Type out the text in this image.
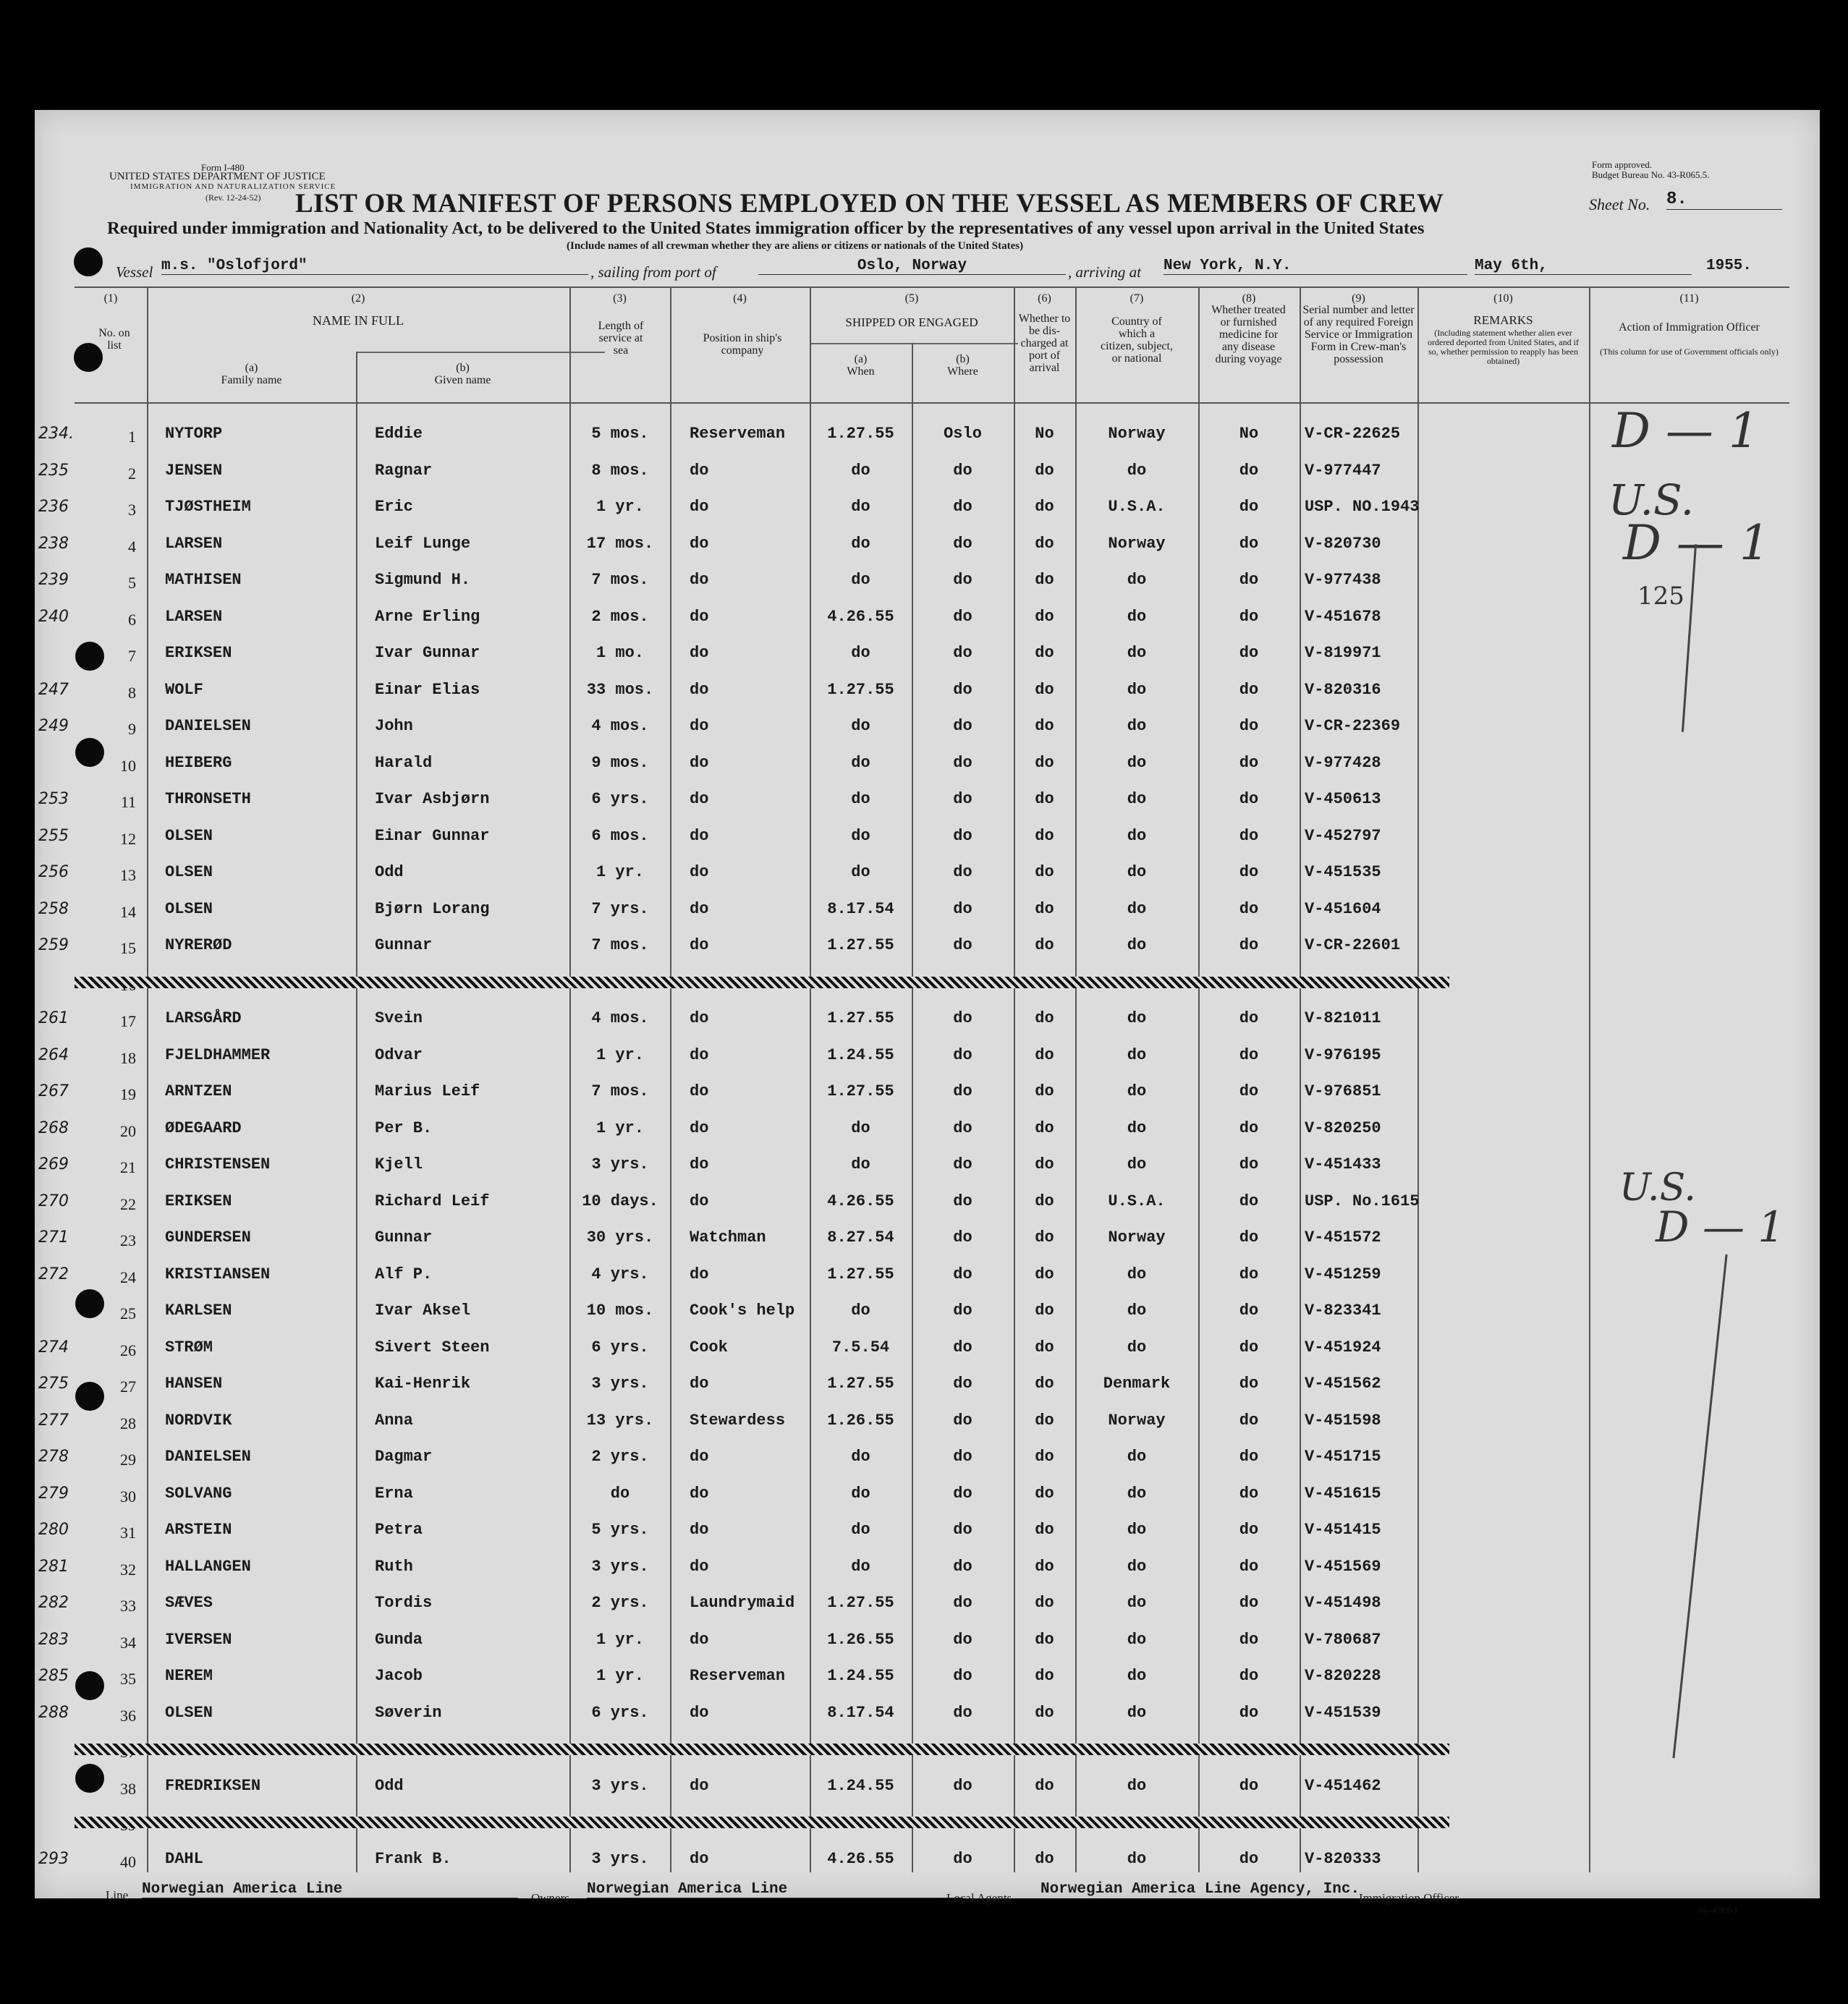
Form I-480
UNITED STATES DEPARTMENT OF JUSTICE
IMMIGRATION AND NATURALIZATION SERVICE
(Rev. 12-24-52)
Form approved.
Budget Bureau No. 43-R065.5.
LIST OR MANIFEST OF PERSONS EMPLOYED ON THE VESSEL AS MEMBERS OF CREW	Sheet No. 8.
Required under immigration and Nationality Act, to be delivered to the United States immigration officer by the representatives of any vessel upon arrival in the United States
(Include names of all crewman whether they are aliens or citizens or nationals of the United States)
Vessel m.s. "Oslofjord"	, sailing from port of	Oslo, Norway	, arriving at New York, N.Y.	May 6th,	1955.
(1)
No. on list
(2)
NAME IN FULL
(a)
Family name
(b)
Given name
(3)
Length of service at sea
(4)
Position in ship's company
(5)
SHIPPED OR ENGAGED
(a)
When
(b)
Where
(6)
Whether to be dis-charged at port of arrival
(7)
Country of which a citizen, subject, or national
(8)
Whether treated or furnished medicine for any disease during voyage
(9)
Serial number and letter of any required Foreign Service or Immigration Form in Crew-man's possession
(10)
REMARKS
(Including statement whether alien ever ordered deported from United States, and if so, whether permission to reapply has been obtained)
(11)
Action of Immigration Officer
(This column for use of Government officials only)
234.	1 NYTORP	Eddie	5 mos.	Reserveman	1.27.55	Oslo	No	Norway	No	V-CR-22625
235	2 JENSEN	Ragnar	8 mos.	do	do	do	do	do	do	V-977447
236	3 TJØSTHEIM	Eric	1 yr.	do	do	do	do	U.S.A.	do	USP. NO.1943
238	4 LARSEN	Leif Lunge	17 mos.	do	do	do	do	Norway	do	V-820730
239	5 MATHISEN	Sigmund H.	7 mos.	do	do	do	do	do	do	V-977438
240	6 LARSEN	Arne Erling	2 mos.	do	4.26.55	do	do	do	do	V-451678
7 ERIKSEN	Ivar Gunnar	1 mo.	do	do	do	do	do	do	V-819971
247	8 WOLF	Einar Elias	33 mos.	do	1.27.55	do	do	do	do	V-820316
249	9 DANIELSEN	John	4 mos.	do	do	do	do	do	do	V-CR-22369
10 HEIBERG	Harald	9 mos.	do	do	do	do	do	do	V-977428
253	11 THRONSETH	Ivar Asbjørn	6 yrs.	do	do	do	do	do	do	V-450613
255	12 OLSEN	Einar Gunnar	6 mos.	do	do	do	do	do	do	V-452797
256	13 OLSEN	Odd	1 yr.	do	do	do	do	do	do	V-451535
258	14 OLSEN	Bjørn Lorang	7 yrs.	do	8.17.54	do	do	do	do	V-451604
259	15 NYRERØD	Gunnar	7 mos.	do	1.27.55	do	do	do	do	V-CR-22601
261	17 LARSGÅRD	Svein	4 mos.	do	1.27.55	do	do	do	do	V-821011
264	18 FJELDHAMMER	Odvar	1 yr.	do	1.24.55	do	do	do	do	V-976195
267	19 ARNTZEN	Marius Leif	7 mos.	do	1.27.55	do	do	do	do	V-976851
268	20 ØDEGAARD	Per B.	1 yr.	do	do	do	do	do	do	V-820250
269	21 CHRISTENSEN	Kjell	3 yrs.	do	do	do	do	do	do	V-451433
270	22 ERIKSEN	Richard Leif	10 days.	do	4.26.55	do	do	U.S.A.	do	USP. No.1615
271	23 GUNDERSEN	Gunnar	30 yrs.	Watchman	8.27.54	do	do	Norway	do	V-451572
272	24 KRISTIANSEN	Alf P.	4 yrs.	do	1.27.55	do	do	do	do	V-451259
25 KARLSEN	Ivar Aksel	10 mos.	Cook's help	do	do	do	do	do	V-823341
274	26 STRØM	Sivert Steen	6 yrs.	Cook	7.5.54	do	do	do	do	V-451924
275	27 HANSEN	Kai-Henrik	3 yrs.	do	1.27.55	do	do	Denmark	do	V-451562
277	28 NORDVIK	Anna	13 yrs.	Stewardess	1.26.55	do	do	Norway	do	V-451598
278	29 DANIELSEN	Dagmar	2 yrs.	do	do	do	do	do	do	V-451715
279	30 SOLVANG	Erna	do	do	do	do	do	do	do	V-451615
280	31 ARSTEIN	Petra	5 yrs.	do	do	do	do	do	do	V-451415
281	32 HALLANGEN	Ruth	3 yrs.	do	do	do	do	do	do	V-451569
282	33 SÆVES	Tordis	2 yrs.	Laundrymaid	1.27.55	do	do	do	do	V-451498
283	34 IVERSEN	Gunda	1 yr.	do	1.26.55	do	do	do	do	V-780687
285	35 NEREM	Jacob	1 yr.	Reserveman	1.24.55	do	do	do	do	V-820228
288	36 OLSEN	Søverin	6 yrs.	do	8.17.54	do	do	do	do	V-451539
38 FREDRIKSEN	Odd	3 yrs.	do	1.24.55	do	do	do	do	V-451462
293	40 DAHL	Frank B.	3 yrs.	do	4.26.55	do	do	do	do	V-820333
D — 1
U.S.
D — 1
125
U.S.
D — 1
Line Norwegian America Line
Owners
Norwegian America Line
Local Agents
Norwegian America Line Agency, Inc.
Immigration Officer
16—67820-1
